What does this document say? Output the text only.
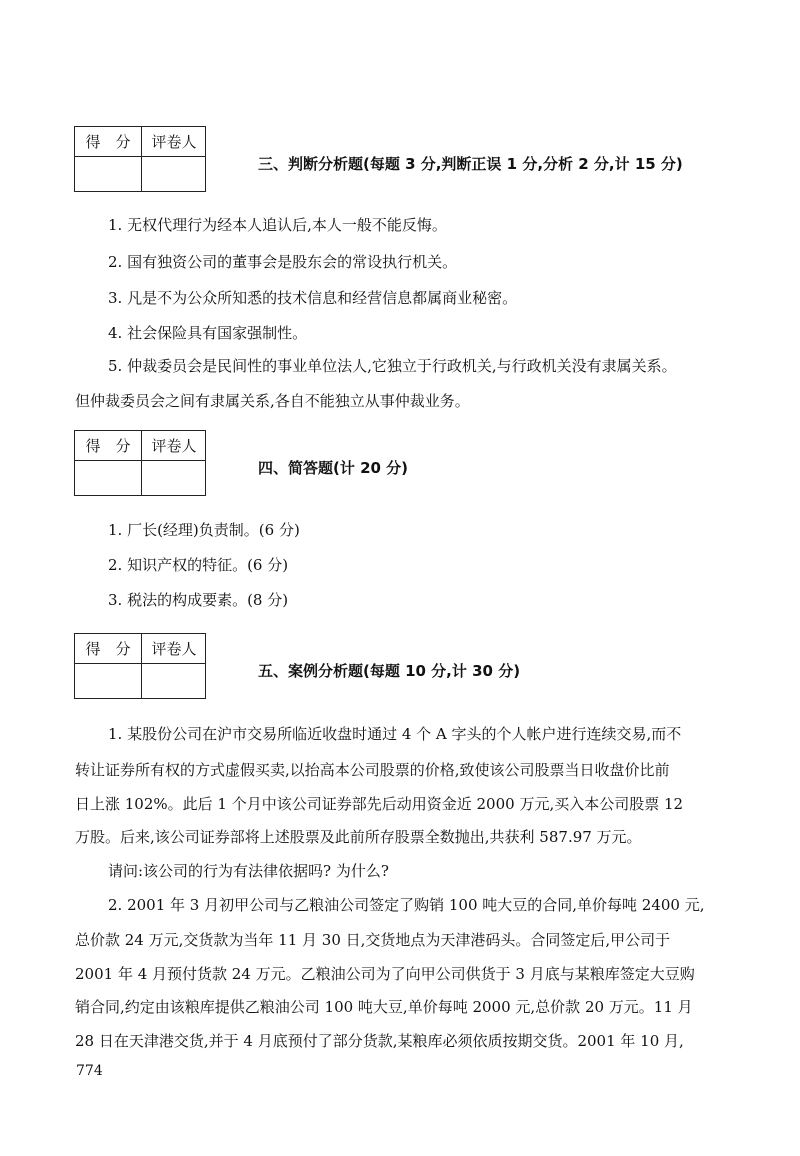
得　分	评卷人
三、判断分析题(每题 3 分,判断正误 1 分,分析 2 分,计 15 分)
1. 无权代理行为经本人追认后,本人一般不能反悔。
2. 国有独资公司的董事会是股东会的常设执行机关。
3. 凡是不为公众所知悉的技术信息和经营信息都属商业秘密。
4. 社会保险具有国家强制性。
5. 仲裁委员会是民间性的事业单位法人,它独立于行政机关,与行政机关没有隶属关系。
但仲裁委员会之间有隶属关系,各自不能独立从事仲裁业务。
得　分	评卷人
四、简答题(计 20 分)
1. 厂长(经理)负责制。(6 分)
2. 知识产权的特征。(6 分)
3. 税法的构成要素。(8 分)
得　分	评卷人
五、案例分析题(每题 10 分,计 30 分)
1. 某股份公司在沪市交易所临近收盘时通过 4 个 A 字头的个人帐户进行连续交易,而不
转让证券所有权的方式虚假买卖,以抬高本公司股票的价格,致使该公司股票当日收盘价比前
日上涨 102%。此后 1 个月中该公司证券部先后动用资金近 2000 万元,买入本公司股票 12
万股。后来,该公司证券部将上述股票及此前所存股票全数抛出,共获利 587.97 万元。
请问:该公司的行为有法律依据吗? 为什么?
2. 2001 年 3 月初甲公司与乙粮油公司签定了购销 100 吨大豆的合同,单价每吨 2400 元,
总价款 24 万元,交货款为当年 11 月 30 日,交货地点为天津港码头。合同签定后,甲公司于
2001 年 4 月预付货款 24 万元。乙粮油公司为了向甲公司供货于 3 月底与某粮库签定大豆购
销合同,约定由该粮库提供乙粮油公司 100 吨大豆,单价每吨 2000 元,总价款 20 万元。11 月
28 日在天津港交货,并于 4 月底预付了部分货款,某粮库必须依质按期交货。2001 年 10 月,
774
